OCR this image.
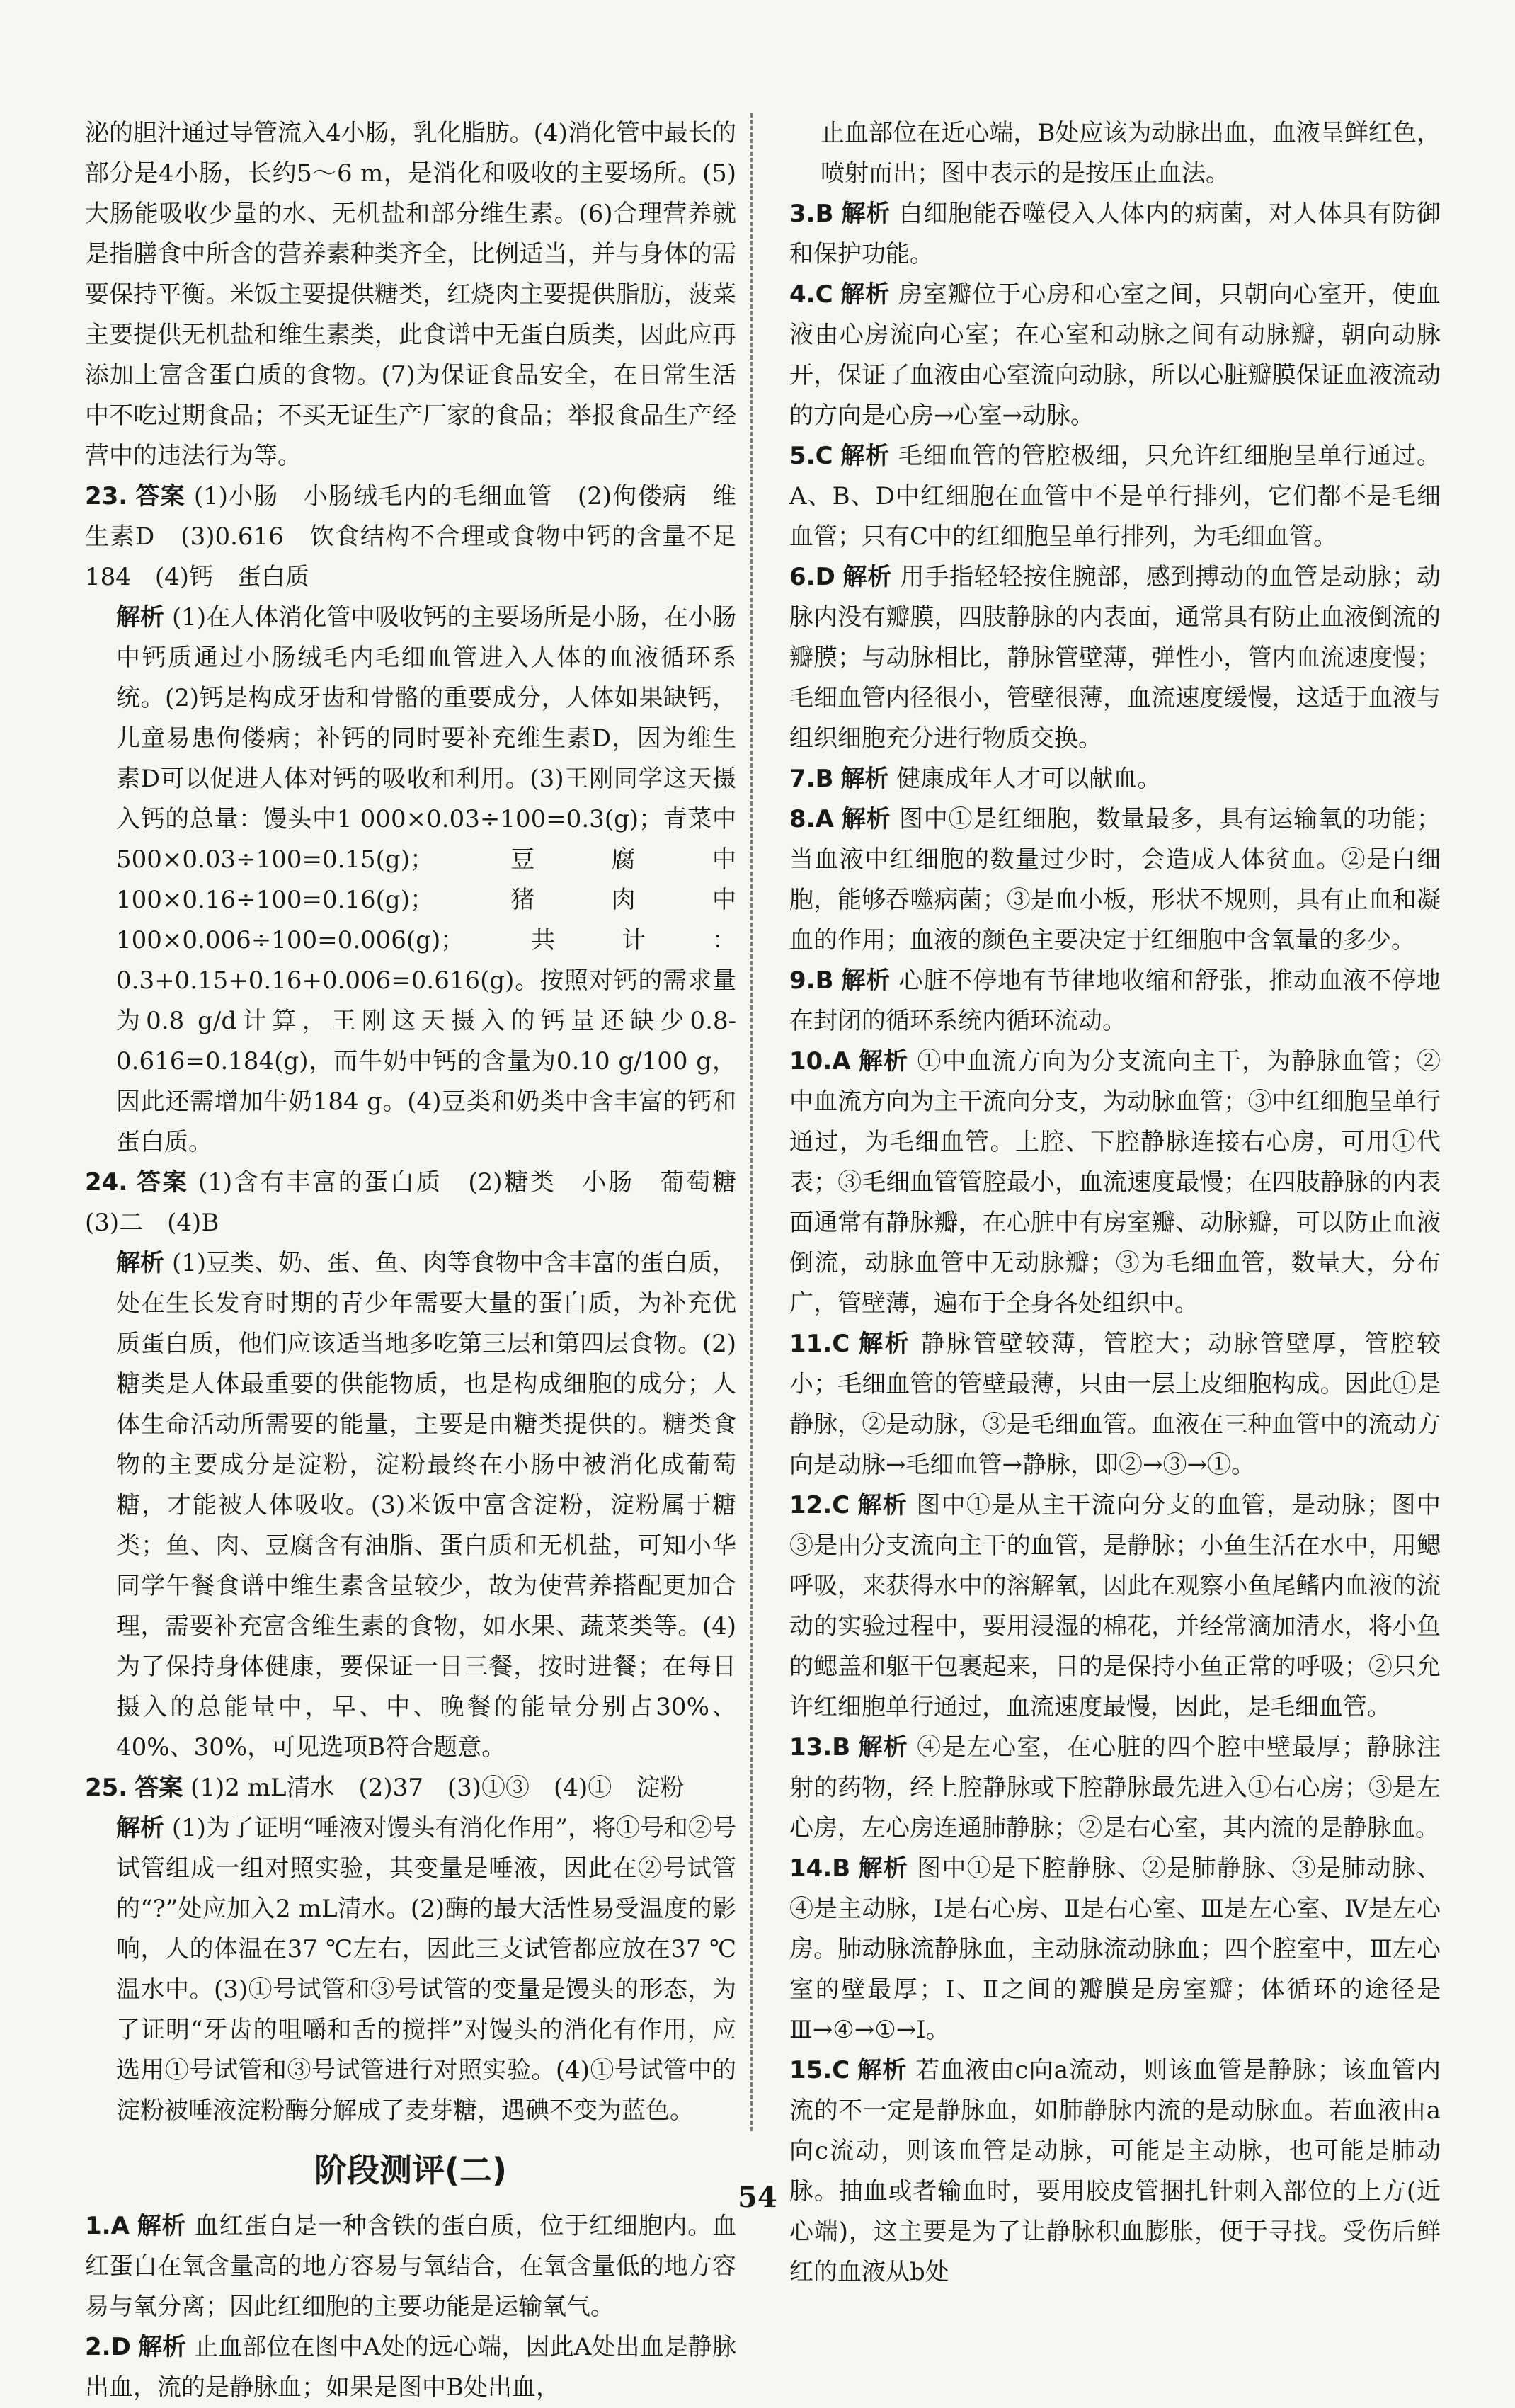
泌的胆汁通过导管流入4小肠，乳化脂肪。(4)消化管中最长的部分是4小肠，长约5～6 m，是消化和吸收的主要场所。(5)大肠能吸收少量的水、无机盐和部分维生素。(6)合理营养就是指膳食中所含的营养素种类齐全，比例适当，并与身体的需要保持平衡。米饭主要提供糖类，红烧肉主要提供脂肪，菠菜主要提供无机盐和维生素类，此食谱中无蛋白质类，因此应再添加上富含蛋白质的食物。(7)为保证食品安全，在日常生活中不吃过期食品；不买无证生产厂家的食品；举报食品生产经营中的违法行为等。

23. 答案 (1)小肠　小肠绒毛内的毛细血管　(2)佝偻病　维生素D　(3)0.616　饮食结构不合理或食物中钙的含量不足　184　(4)钙　蛋白质

解析 (1)在人体消化管中吸收钙的主要场所是小肠，在小肠中钙质通过小肠绒毛内毛细血管进入人体的血液循环系统。(2)钙是构成牙齿和骨骼的重要成分，人体如果缺钙，儿童易患佝偻病；补钙的同时要补充维生素D，因为维生素D可以促进人体对钙的吸收和利用。(3)王刚同学这天摄入钙的总量：馒头中1 000×0.03÷100=0.3(g)；青菜中500×0.03÷100=0.15(g)；豆腐中100×0.16÷100=0.16(g)；猪肉中100×0.006÷100=0.006(g)；共计：0.3+0.15+0.16+0.006=0.616(g)。按照对钙的需求量为0.8 g/d计算，王刚这天摄入的钙量还缺少0.8-0.616=0.184(g)，而牛奶中钙的含量为0.10 g/100 g，因此还需增加牛奶184 g。(4)豆类和奶类中含丰富的钙和蛋白质。

24. 答案 (1)含有丰富的蛋白质　(2)糖类　小肠　葡萄糖　(3)二　(4)B

解析 (1)豆类、奶、蛋、鱼、肉等食物中含丰富的蛋白质，处在生长发育时期的青少年需要大量的蛋白质，为补充优质蛋白质，他们应该适当地多吃第三层和第四层食物。(2)糖类是人体最重要的供能物质，也是构成细胞的成分；人体生命活动所需要的能量，主要是由糖类提供的。糖类食物的主要成分是淀粉，淀粉最终在小肠中被消化成葡萄糖，才能被人体吸收。(3)米饭中富含淀粉，淀粉属于糖类；鱼、肉、豆腐含有油脂、蛋白质和无机盐，可知小华同学午餐食谱中维生素含量较少，故为使营养搭配更加合理，需要补充富含维生素的食物，如水果、蔬菜类等。(4)为了保持身体健康，要保证一日三餐，按时进餐；在每日摄入的总能量中，早、中、晚餐的能量分别占30%、40%、30%，可见选项B符合题意。

25. 答案 (1)2 mL清水　(2)37　(3)①③　(4)①　淀粉

解析 (1)为了证明“唾液对馒头有消化作用”，将①号和②号试管组成一组对照实验，其变量是唾液，因此在②号试管的“?”处应加入2 mL清水。(2)酶的最大活性易受温度的影响，人的体温在37 ℃左右，因此三支试管都应放在37 ℃温水中。(3)①号试管和③号试管的变量是馒头的形态，为了证明“牙齿的咀嚼和舌的搅拌”对馒头的消化有作用，应选用①号试管和③号试管进行对照实验。(4)①号试管中的淀粉被唾液淀粉酶分解成了麦芽糖，遇碘不变为蓝色。

阶段测评(二)

1.A 解析 血红蛋白是一种含铁的蛋白质，位于红细胞内。血红蛋白在氧含量高的地方容易与氧结合，在氧含量低的地方容易与氧分离；因此红细胞的主要功能是运输氧气。

2.D 解析 止血部位在图中A处的远心端，因此A处出血是静脉出血，流的是静脉血；如果是图中B处出血，

止血部位在近心端，B处应该为动脉出血，血液呈鲜红色，喷射而出；图中表示的是按压止血法。

3.B 解析 白细胞能吞噬侵入人体内的病菌，对人体具有防御和保护功能。

4.C 解析 房室瓣位于心房和心室之间，只朝向心室开，使血液由心房流向心室；在心室和动脉之间有动脉瓣，朝向动脉开，保证了血液由心室流向动脉，所以心脏瓣膜保证血液流动的方向是心房→心室→动脉。

5.C 解析 毛细血管的管腔极细，只允许红细胞呈单行通过。A、B、D中红细胞在血管中不是单行排列，它们都不是毛细血管；只有C中的红细胞呈单行排列，为毛细血管。

6.D 解析 用手指轻轻按住腕部，感到搏动的血管是动脉；动脉内没有瓣膜，四肢静脉的内表面，通常具有防止血液倒流的瓣膜；与动脉相比，静脉管壁薄，弹性小，管内血流速度慢；毛细血管内径很小，管壁很薄，血流速度缓慢，这适于血液与组织细胞充分进行物质交换。

7.B 解析 健康成年人才可以献血。

8.A 解析 图中①是红细胞，数量最多，具有运输氧的功能；当血液中红细胞的数量过少时，会造成人体贫血。②是白细胞，能够吞噬病菌；③是血小板，形状不规则，具有止血和凝血的作用；血液的颜色主要决定于红细胞中含氧量的多少。

9.B 解析 心脏不停地有节律地收缩和舒张，推动血液不停地在封闭的循环系统内循环流动。

10.A 解析 ①中血流方向为分支流向主干，为静脉血管；②中血流方向为主干流向分支，为动脉血管；③中红细胞呈单行通过，为毛细血管。上腔、下腔静脉连接右心房，可用①代表；③毛细血管管腔最小，血流速度最慢；在四肢静脉的内表面通常有静脉瓣，在心脏中有房室瓣、动脉瓣，可以防止血液倒流，动脉血管中无动脉瓣；③为毛细血管，数量大，分布广，管壁薄，遍布于全身各处组织中。

11.C 解析 静脉管壁较薄，管腔大；动脉管壁厚，管腔较小；毛细血管的管壁最薄，只由一层上皮细胞构成。因此①是静脉，②是动脉，③是毛细血管。血液在三种血管中的流动方向是动脉→毛细血管→静脉，即②→③→①。

12.C 解析 图中①是从主干流向分支的血管，是动脉；图中③是由分支流向主干的血管，是静脉；小鱼生活在水中，用鳃呼吸，来获得水中的溶解氧，因此在观察小鱼尾鳍内血液的流动的实验过程中，要用浸湿的棉花，并经常滴加清水，将小鱼的鳃盖和躯干包裹起来，目的是保持小鱼正常的呼吸；②只允许红细胞单行通过，血流速度最慢，因此，是毛细血管。

13.B 解析 ④是左心室，在心脏的四个腔中壁最厚；静脉注射的药物，经上腔静脉或下腔静脉最先进入①右心房；③是左心房，左心房连通肺静脉；②是右心室，其内流的是静脉血。

14.B 解析 图中①是下腔静脉、②是肺静脉、③是肺动脉、④是主动脉，Ⅰ是右心房、Ⅱ是右心室、Ⅲ是左心室、Ⅳ是左心房。肺动脉流静脉血，主动脉流动脉血；四个腔室中，Ⅲ左心室的壁最厚；Ⅰ、Ⅱ之间的瓣膜是房室瓣；体循环的途径是Ⅲ→④→①→Ⅰ。

15.C 解析 若血液由c向a流动，则该血管是静脉；该血管内流的不一定是静脉血，如肺静脉内流的是动脉血。若血液由a向c流动，则该血管是动脉，可能是主动脉，也可能是肺动脉。抽血或者输血时，要用胶皮管捆扎针刺入部位的上方(近心端)，这主要是为了让静脉积血膨胀，便于寻找。受伤后鲜红的血液从b处

54
